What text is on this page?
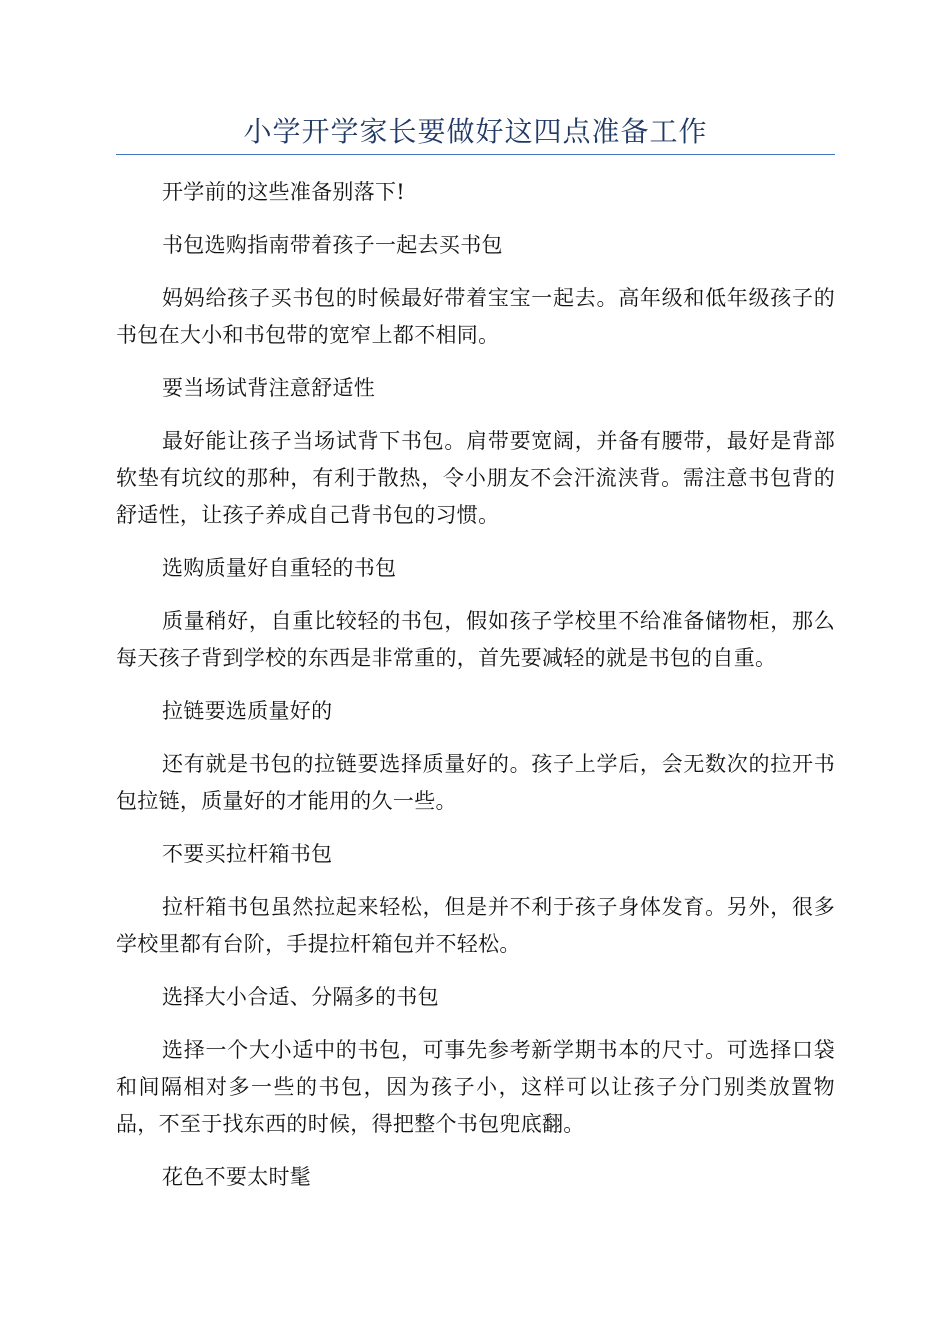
小学开学家长要做好这四点准备工作

开学前的这些准备别落下!

书包选购指南带着孩子一起去买书包

妈妈给孩子买书包的时候最好带着宝宝一起去。高年级和低年级孩子的书包在大小和书包带的宽窄上都不相同。

要当场试背注意舒适性

最好能让孩子当场试背下书包。肩带要宽阔，并备有腰带，最好是背部软垫有坑纹的那种，有利于散热，令小朋友不会汗流浃背。需注意书包背的舒适性，让孩子养成自己背书包的习惯。

选购质量好自重轻的书包

质量稍好，自重比较轻的书包，假如孩子学校里不给准备储物柜，那么每天孩子背到学校的东西是非常重的，首先要减轻的就是书包的自重。

拉链要选质量好的

还有就是书包的拉链要选择质量好的。孩子上学后，会无数次的拉开书包拉链，质量好的才能用的久一些。

不要买拉杆箱书包

拉杆箱书包虽然拉起来轻松，但是并不利于孩子身体发育。另外，很多学校里都有台阶，手提拉杆箱包并不轻松。

选择大小合适、分隔多的书包

选择一个大小适中的书包，可事先参考新学期书本的尺寸。可选择口袋和间隔相对多一些的书包，因为孩子小，这样可以让孩子分门别类放置物品，不至于找东西的时候，得把整个书包兜底翻。

花色不要太时髦
